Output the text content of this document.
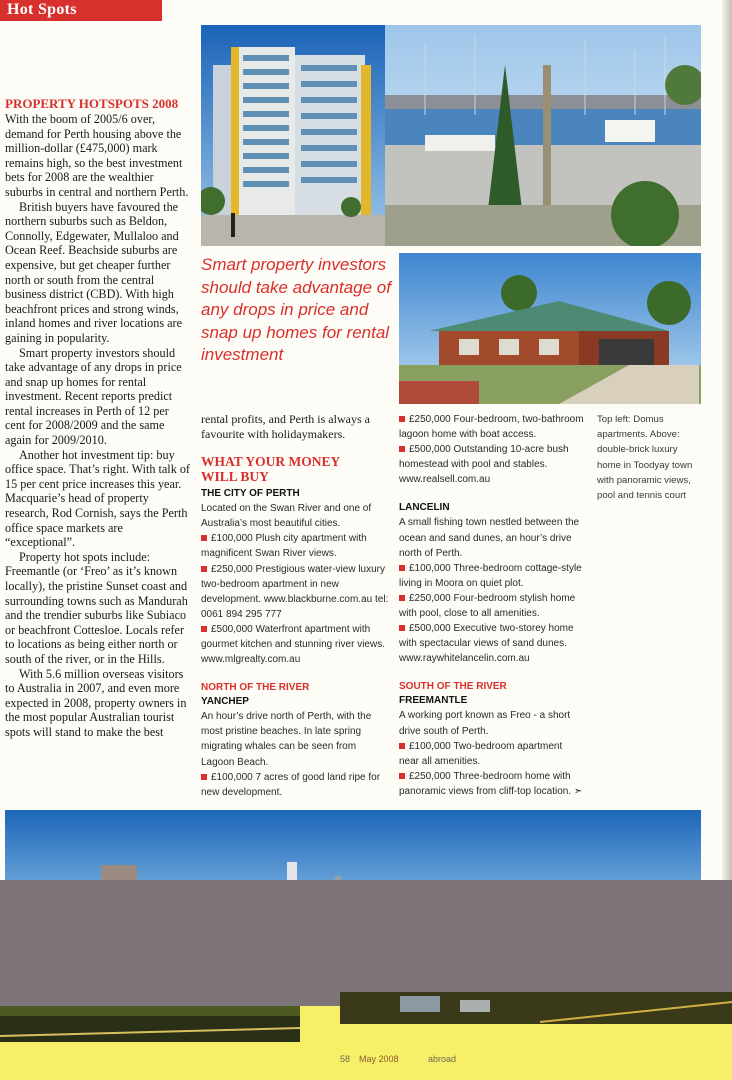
Hot Spots
PROPERTY HOTSPOTS 2008

With the boom of 2005/6 over, demand for Perth housing above the million-dollar (£475,000) mark remains high, so the best investment bets for 2008 are the wealthier suburbs in central and northern Perth.

British buyers have favoured the northern suburbs such as Beldon, Connolly, Edgewater, Mullaloo and Ocean Reef. Beachside suburbs are expensive, but get cheaper further north or south from the central business district (CBD). With high beachfront prices and strong winds, inland homes and river locations are gaining in popularity.

Smart property investors should take advantage of any drops in price and snap up homes for rental investment. Recent reports predict rental increases in Perth of 12 per cent for 2008/2009 and the same again for 2009/2010.

Another hot investment tip: buy office space. That’s right. With talk of 15 per cent price increases this year. Macquarie’s head of property research, Rod Cornish, says the Perth office space markets are “exceptional”.

Property hot spots include: Freemantle (or ‘Freo’ as it’s known locally), the pristine Sunset coast and surrounding towns such as Mandurah and the trendier suburbs like Subiaco or beachfront Cottesloe. Locals refer to locations as being either north or south of the river, or in the Hills.

With 5.6 million overseas visitors to Australia in 2007, and even more expected in 2008, property owners in the most popular Australian tourist spots will stand to make the best

Smart property investors should take advantage of any drops in price and snap up homes for rental investment
rental profits, and Perth is always a favourite with holidaymakers.
WHAT YOUR MONEY WILL BUY
THE CITY OF PERTH
Located on the Swan River and one of Australia’s most beautiful cities.
£100,000 Plush city apartment with magnificent Swan River views.
£250,000 Prestigious water-view luxury two-bedroom apartment in new development. www.blackburne.com.au tel: 0061 894 295 777
£500,000 Waterfront apartment with gourmet kitchen and stunning river views. www.mlgrealty.com.au
NORTH OF THE RIVER
YANCHEP
An hour’s drive north of Perth, with the most pristine beaches. In late spring migrating whales can be seen from Lagoon Beach.
£100,000 7 acres of good land ripe for new development.
£250,000 Four-bedroom, two-bathroom lagoon home with boat access.
£500,000 Outstanding 10-acre bush homestead with pool and stables. www.realsell.com.au
LANCELIN
A small fishing town nestled between the ocean and sand dunes, an hour’s drive north of Perth.
£100,000 Three-bedroom cottage-style living in Moora on quiet plot.
£250,000 Four-bedroom stylish home with pool, close to all amenities.
£500,000 Executive two-storey home with spectacular views of sand dunes. www.raywhitelancelin.com.au
SOUTH OF THE RIVER
FREEMANTLE
A working port known as Freo - a short drive south of Perth.
£100,000 Two-bedroom apartment near all amenities.
£250,000 Three-bedroom home with panoramic views from cliff-top location. ➣
Top left: Domus apartments. Above: double-brick luxury home in Toodyay town with panoramic views, pool and tennis court
58 May 2008	abroad
